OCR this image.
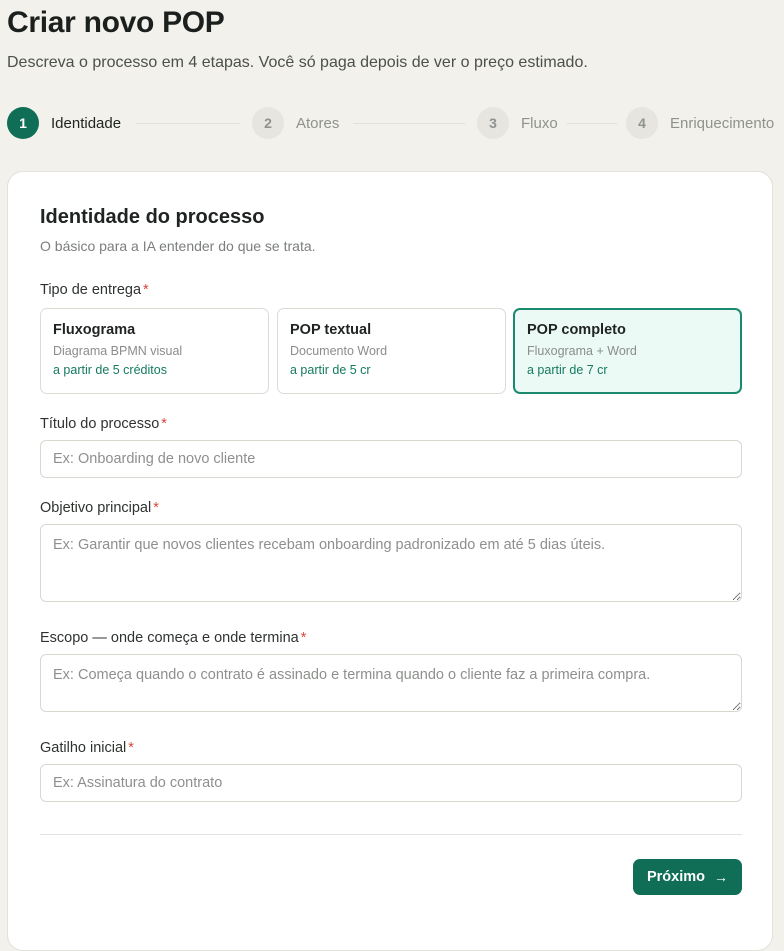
Criar novo POP

Descreva o processo em 4 etapas. Você só paga depois de ver o preço estimado.

1	Identidade	2	Atores	3	Fluxo	4	Enriquecimento
Identidade do processo

O básico para a IA entender do que se trata.

Tipo de entrega *

Fluxograma
Diagrama BPMN visual
a partir de 5 créditos
POP textual
Documento Word
a partir de 5 cr
POP completo
Fluxograma + Word
a partir de 7 cr

Título do processo *

Ex: Onboarding de novo cliente

Objetivo principal *

Ex: Garantir que novos clientes recebam onboarding padronizado em até 5 dias úteis.

Escopo — onde começa e onde termina *

Ex: Começa quando o contrato é assinado e termina quando o cliente faz a primeira compra.

Gatilho inicial *

Ex: Assinatura do contrato
Próximo →
